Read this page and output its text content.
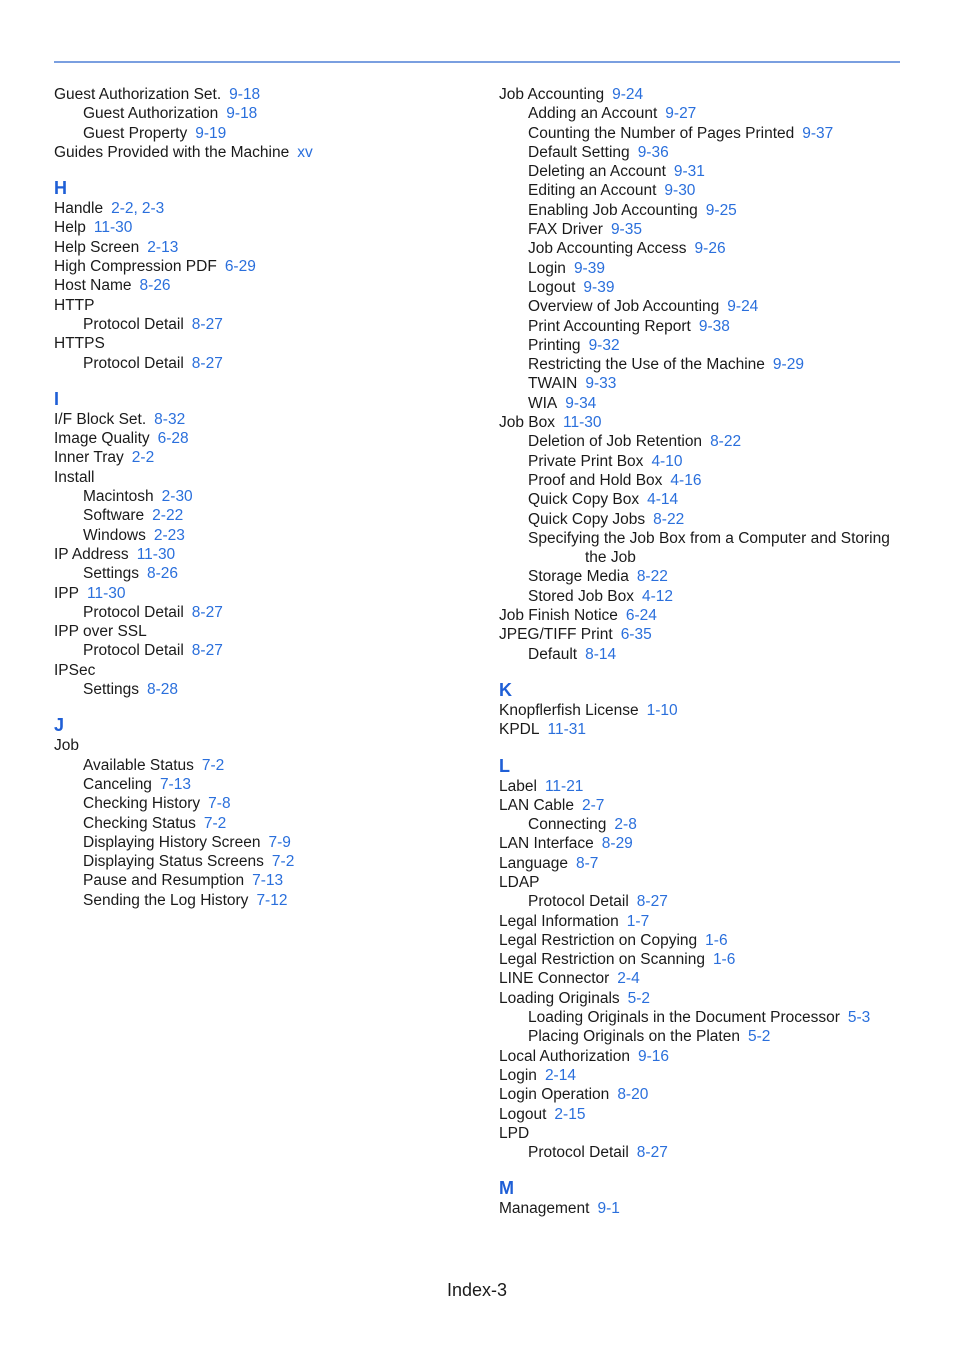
Guest Authorization Set. 9-18
Guest Authorization 9-18
Guest Property 9-19
Guides Provided with the Machine xv
H
Handle 2-2, 2-3
Help 11-30
Help Screen 2-13
High Compression PDF 6-29
Host Name 8-26
HTTP
Protocol Detail 8-27
HTTPS
Protocol Detail 8-27
I
I/F Block Set. 8-32
Image Quality 6-28
Inner Tray 2-2
Install
Macintosh 2-30
Software 2-22
Windows 2-23
IP Address 11-30
Settings 8-26
IPP 11-30
Protocol Detail 8-27
IPP over SSL
Protocol Detail 8-27
IPSec
Settings 8-28
J
Job
Available Status 7-2
Canceling 7-13
Checking History 7-8
Checking Status 7-2
Displaying History Screen 7-9
Displaying Status Screens 7-2
Pause and Resumption 7-13
Sending the Log History 7-12
Job Accounting 9-24
Adding an Account 9-27
Counting the Number of Pages Printed 9-37
Default Setting 9-36
Deleting an Account 9-31
Editing an Account 9-30
Enabling Job Accounting 9-25
FAX Driver 9-35
Job Accounting Access 9-26
Login 9-39
Logout 9-39
Overview of Job Accounting 9-24
Print Accounting Report 9-38
Printing 9-32
Restricting the Use of the Machine 9-29
TWAIN 9-33
WIA 9-34
Job Box 11-30
Deletion of Job Retention 8-22
Private Print Box 4-10
Proof and Hold Box 4-16
Quick Copy Box 4-14
Quick Copy Jobs 8-22
Specifying the Job Box from a Computer and Storing
the Job
Storage Media 8-22
Stored Job Box 4-12
Job Finish Notice 6-24
JPEG/TIFF Print 6-35
Default 8-14
K
Knopflerfish License 1-10
KPDL 11-31
L
Label 11-21
LAN Cable 2-7
Connecting 2-8
LAN Interface 8-29
Language 8-7
LDAP
Protocol Detail 8-27
Legal Information 1-7
Legal Restriction on Copying 1-6
Legal Restriction on Scanning 1-6
LINE Connector 2-4
Loading Originals 5-2
Loading Originals in the Document Processor 5-3
Placing Originals on the Platen 5-2
Local Authorization 9-16
Login 2-14
Login Operation 8-20
Logout 2-15
LPD
Protocol Detail 8-27
M
Management 9-1
Index-3
